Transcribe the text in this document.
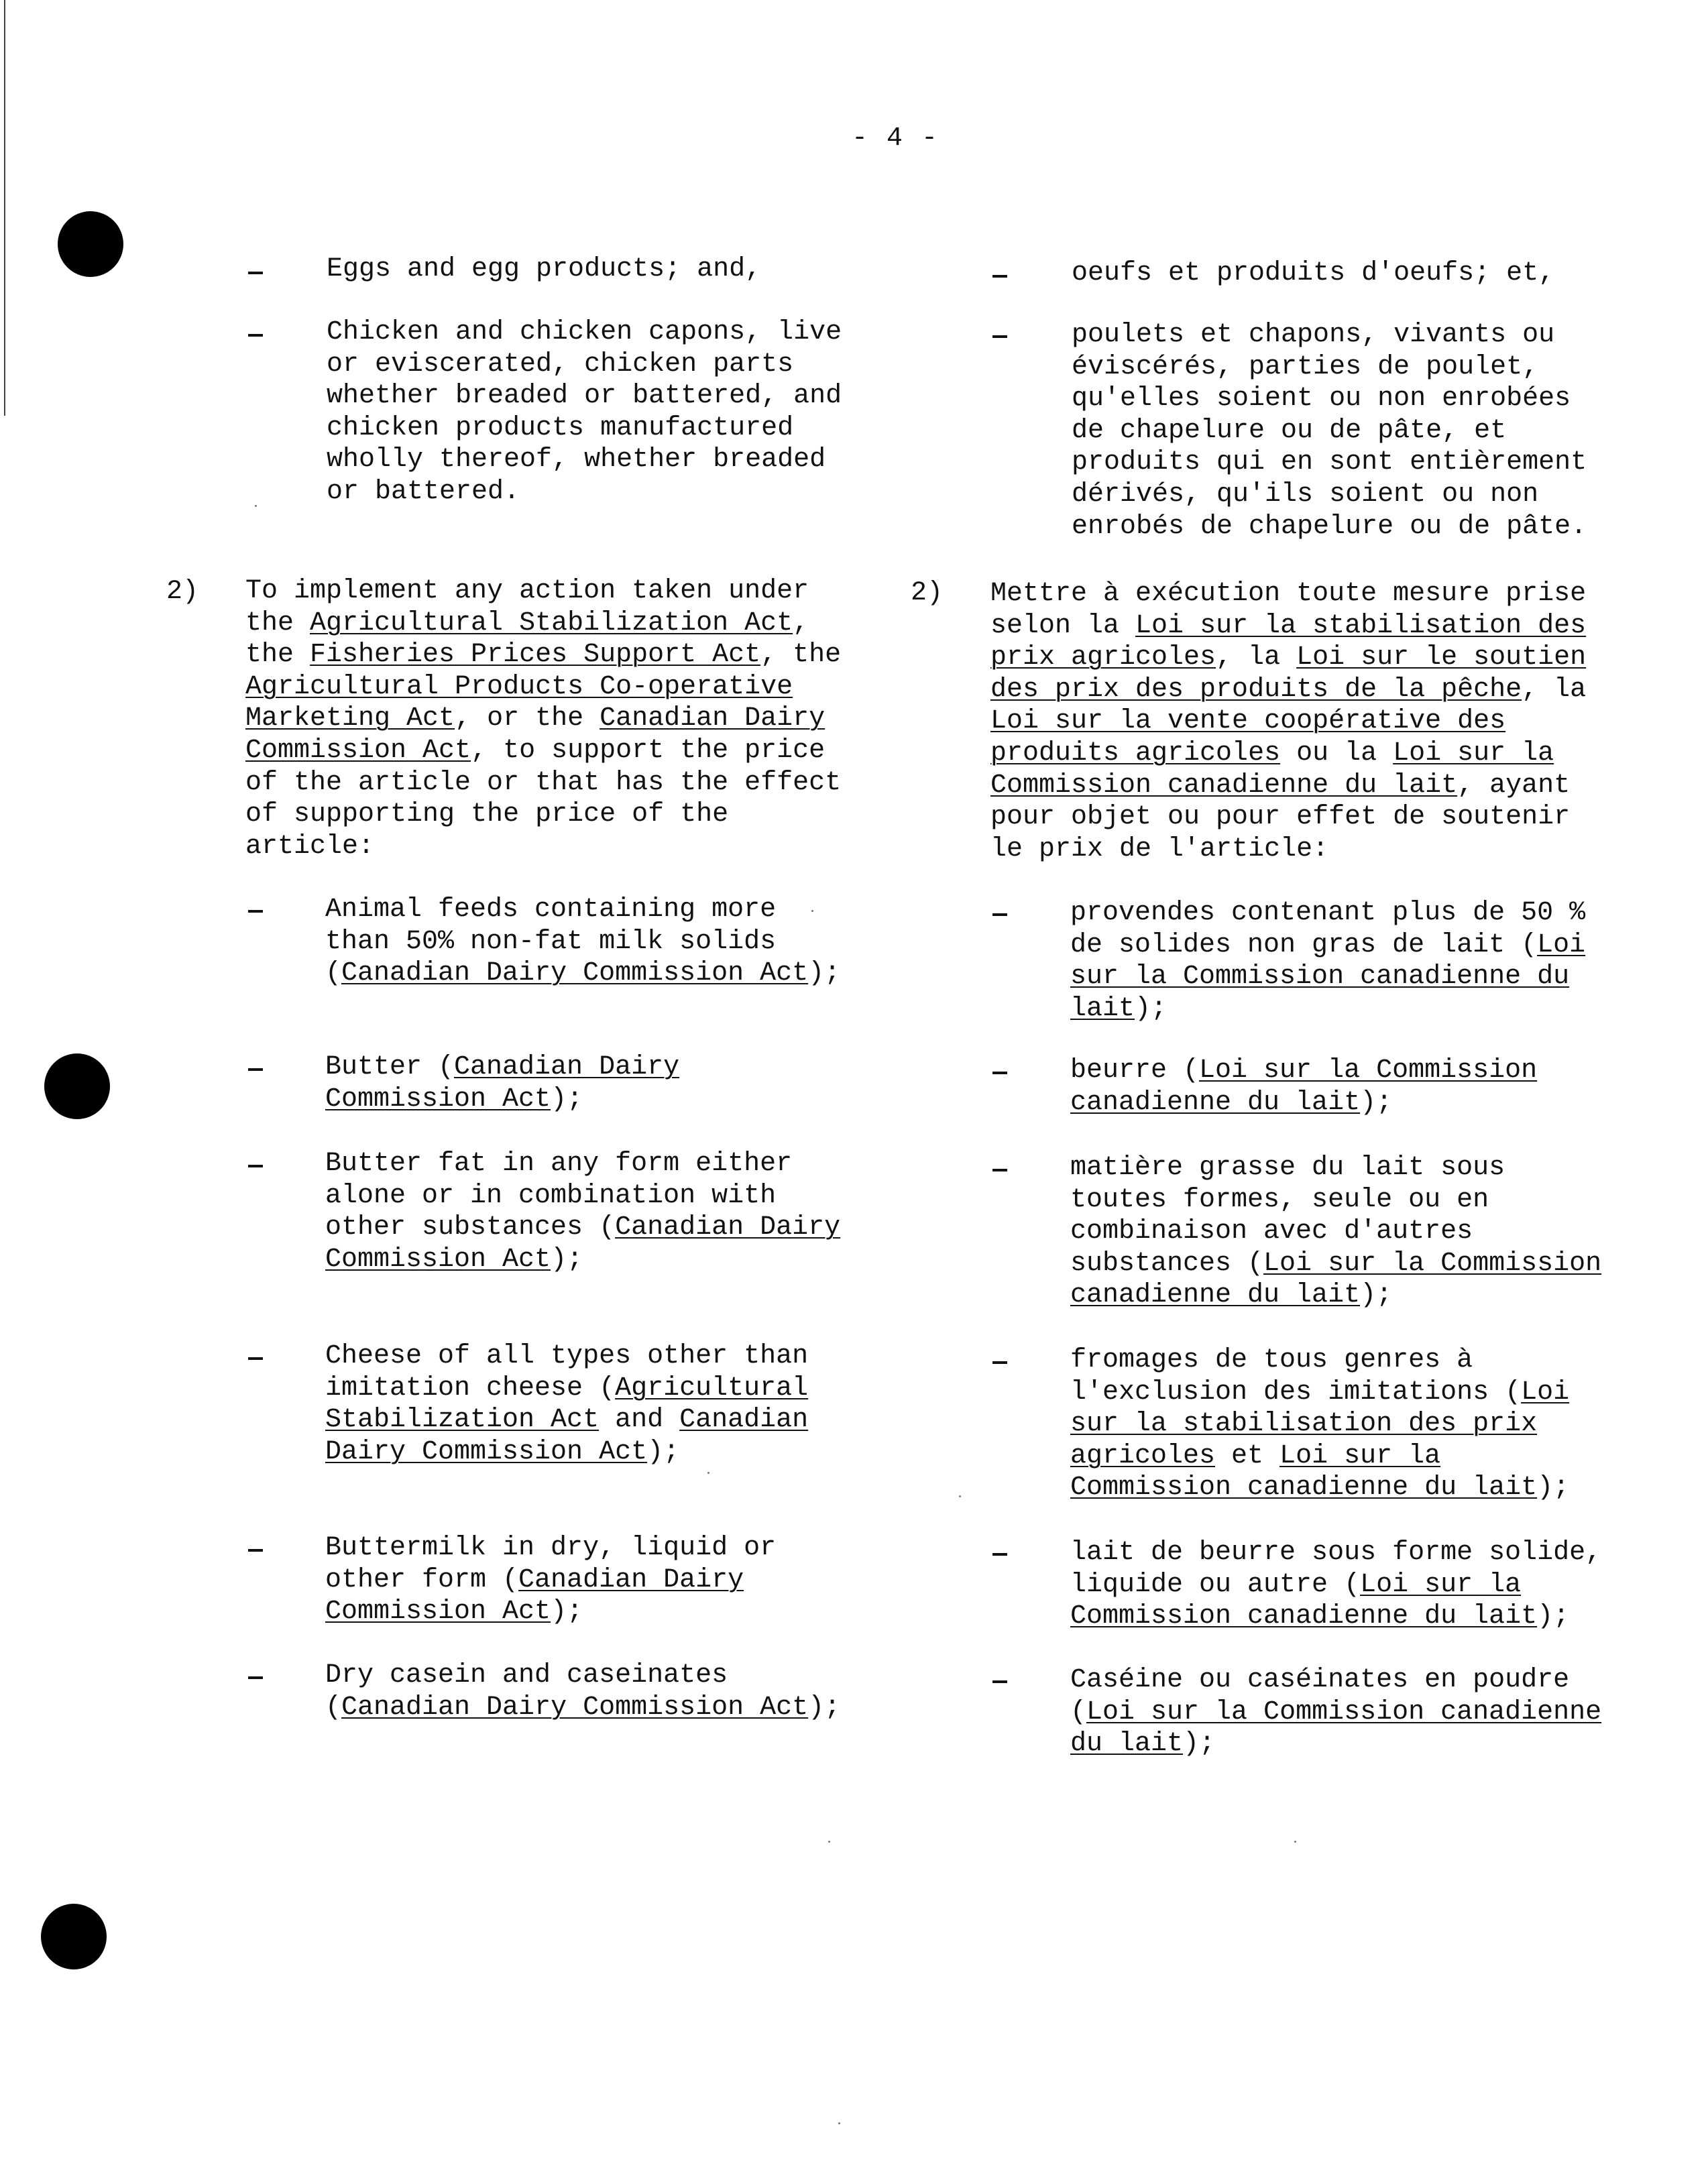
- 4 -
Eggs and egg products; and,
Chicken and chicken capons, live
or eviscerated, chicken parts
whether breaded or battered, and
chicken products manufactured
wholly thereof, whether breaded
or battered.
2) To implement any action taken under
the Agricultural Stabilization Act,
the Fisheries Prices Support Act, the
Agricultural Products Co-operative
Marketing Act, or the Canadian Dairy
Commission Act, to support the price
of the article or that has the effect
of supporting the price of the
article:
Animal feeds containing more
than 50% non-fat milk solids
(Canadian Dairy Commission Act);
Butter (Canadian Dairy
Commission Act);
Butter fat in any form either
alone or in combination with
other substances (Canadian Dairy
Commission Act);
Cheese of all types other than
imitation cheese (Agricultural
Stabilization Act and Canadian
Dairy Commission Act);
Buttermilk in dry, liquid or
other form (Canadian Dairy
Commission Act);
Dry casein and caseinates
(Canadian Dairy Commission Act);
oeufs et produits d'oeufs; et,
poulets et chapons, vivants ou
éviscérés, parties de poulet,
qu'elles soient ou non enrobées
de chapelure ou de pâte, et
produits qui en sont entièrement
dérivés, qu'ils soient ou non
enrobés de chapelure ou de pâte.
2) Mettre à exécution toute mesure prise
selon la Loi sur la stabilisation des
prix agricoles, la Loi sur le soutien
des prix des produits de la pêche, la
Loi sur la vente coopérative des
produits agricoles ou la Loi sur la
Commission canadienne du lait, ayant
pour objet ou pour effet de soutenir
le prix de l'article:
provendes contenant plus de 50 %
de solides non gras de lait (Loi
sur la Commission canadienne du
lait);
beurre (Loi sur la Commission
canadienne du lait);
matière grasse du lait sous
toutes formes, seule ou en
combinaison avec d'autres
substances (Loi sur la Commission
canadienne du lait);
fromages de tous genres à
l'exclusion des imitations (Loi
sur la stabilisation des prix
agricoles et Loi sur la
Commission canadienne du lait);
lait de beurre sous forme solide,
liquide ou autre (Loi sur la
Commission canadienne du lait);
Caséine ou caséinates en poudre
(Loi sur la Commission canadienne
du lait);
